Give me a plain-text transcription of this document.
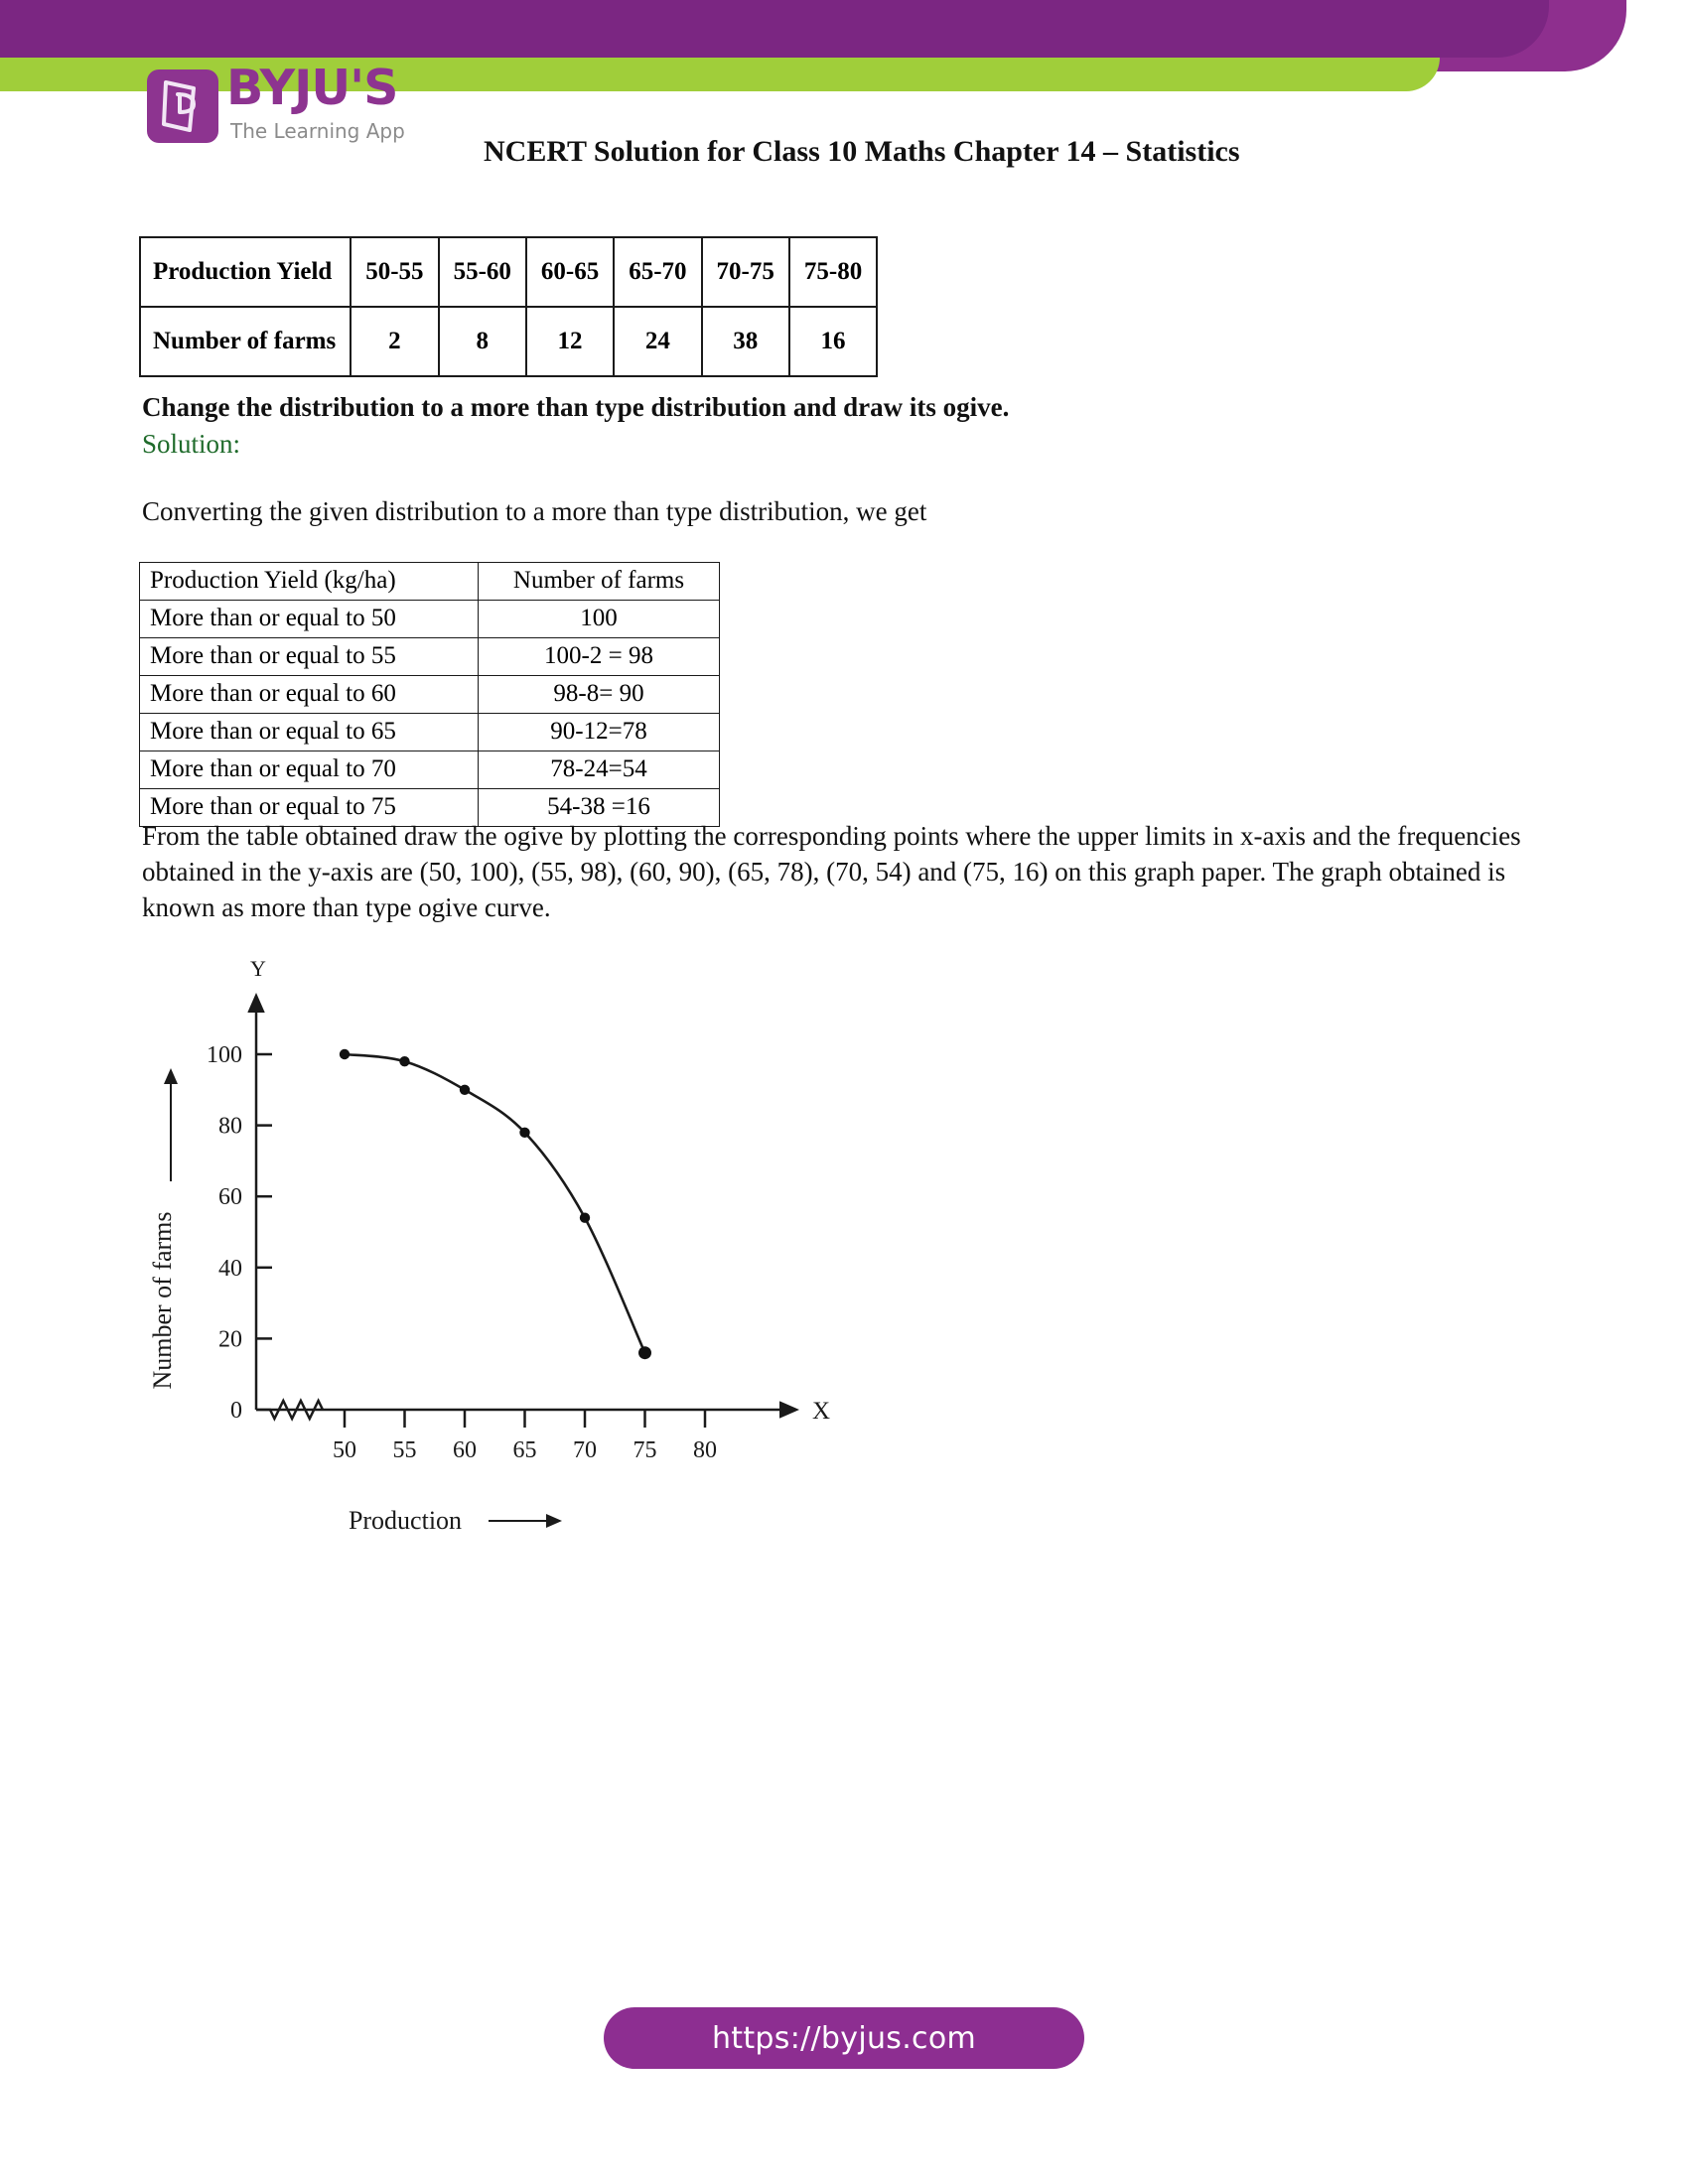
BYJU'S
The Learning App
NCERT Solution for Class 10 Maths Chapter 14 – Statistics
Production Yield	50-55	55-60	60-65	65-70	70-75	75-80
Number of farms	2	8	12	24	38	16
Change the distribution to a more than type distribution and draw its ogive.
Solution:
Converting the given distribution to a more than type distribution, we get
Production Yield (kg/ha)	Number of farms
More than or equal to 50	100
More than or equal to 55	100-2 = 98
More than or equal to 60	98-8= 90
More than or equal to 65	90-12=78
More than or equal to 70	78-24=54
More than or equal to 75	54-38 =16
From the table obtained draw the ogive by plotting the corresponding points where the upper limits in x-axis and the frequencies obtained in the y-axis are (50, 100), (55, 98), (60, 90), (65, 78), (70, 54) and (75, 16) on this graph paper. The graph obtained is known as more than type ogive curve.
0
20
40
60
80
100
50 55 60 65 70 75 80
Y
X
Number of farms
Production
https://byjus.com
